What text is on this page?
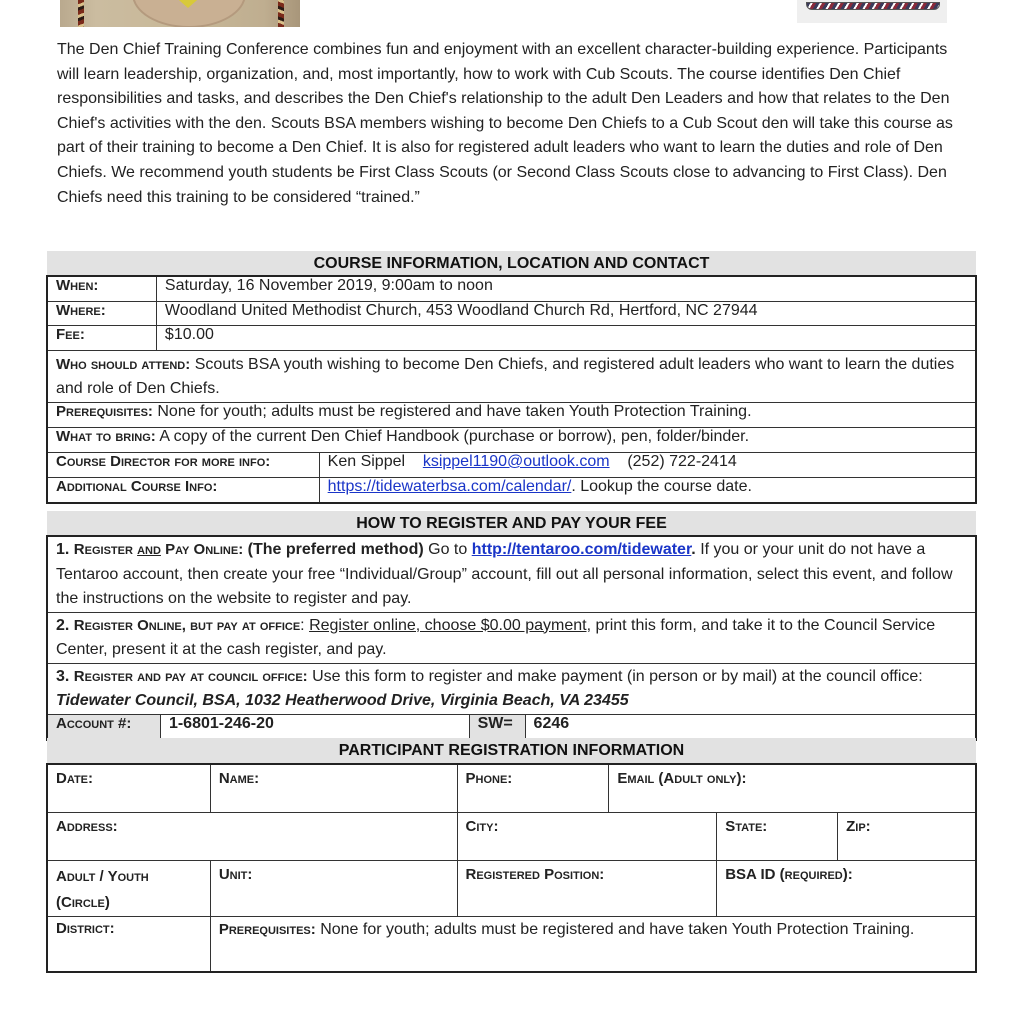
The Den Chief Training Conference combines fun and enjoyment with an excellent character-building experience. Participants will learn leadership, organization, and, most importantly, how to work with Cub Scouts. The course identifies Den Chief responsibilities and tasks, and describes the Den Chief's relationship to the adult Den Leaders and how that relates to the Den Chief's activities with the den. Scouts BSA members wishing to become Den Chiefs to a Cub Scout den will take this course as part of their training to become a Den Chief. It is also for registered adult leaders who want to learn the duties and role of Den Chiefs. We recommend youth students be First Class Scouts (or Second Class Scouts close to advancing to First Class). Den Chiefs need this training to be considered “trained.”

COURSE INFORMATION, LOCATION AND CONTACT
When:	Saturday, 16 November 2019, 9:00am to noon	
Where:	Woodland United Methodist Church, 453 Woodland Church Rd, Hertford, NC 27944	
Fee:	$10.00	
Who should attend: Scouts BSA youth wishing to become Den Chiefs, and registered adult leaders who want to learn the duties and role of Den Chiefs.		
Prerequisites: None for youth; adults must be registered and have taken Youth Protection Training.		
What to bring: A copy of the current Den Chief Handbook (purchase or borrow), pen, folder/binder.		
Course Director for more info:		Ken Sippel ksippel1190@outlook.com (252) 722-2414
Additional Course Info:		https://tidewaterbsa.com/calendar/. Lookup the course date.
HOW TO REGISTER AND PAY YOUR FEE
1. Register and Pay Online: (The preferred method) Go to http://tentaroo.com/tidewater. If you or your unit do not have a Tentaroo account, then create your free “Individual/Group” account, fill out all personal information, select this event, and follow the instructions on the website to register and pay.
2. Register Online, but pay at office: Register online, choose $0.00 payment, print this form, and take it to the Council Service Center, present it at the cash register, and pay.
3. Register and pay at council office: Use this form to register and make payment (in person or by mail) at the council office: Tidewater Council, BSA, 1032 Heatherwood Drive, Virginia Beach, VA 23455
Account #:	1-6801-246-20	SW=	6246
PARTICIPANT REGISTRATION INFORMATION
Date:	Name:	Phone:	Email (Adult only):		
Address:		City:		State:	Zip:

Adult / Youth
(Circle)	Unit:	Registered Position:		BSA ID (required):	
District:	Prerequisites: None for youth; adults must be registered and have taken Youth Protection Training.				
